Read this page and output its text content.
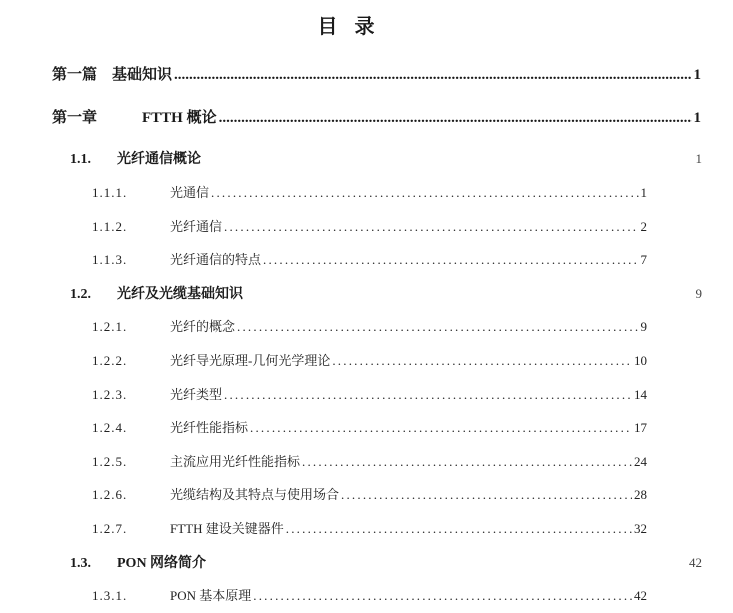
目 录
第一篇 基础知识 .....	1
第一章	FTTH 概论 .....	1
1.1.	光纤通信概论	1
1.1.1.	光通信 .....	1
1.1.2.	光纤通信 .....	2
1.1.3.	光纤通信的特点 .....	7
1.2.	光纤及光缆基础知识	9
1.2.1.	光纤的概念 .....	9
1.2.2.	光纤导光原理-几何光学理论 .....	10
1.2.3.	光纤类型 .....	14
1.2.4.	光纤性能指标 .....	17
1.2.5.	主流应用光纤性能指标 .....	24
1.2.6.	光缆结构及其特点与使用场合 .....	28
1.2.7.	FTTH 建设关键器件 .....	32
1.3.	PON 网络简介	42
1.3.1.	PON 基本原理 .....	42
